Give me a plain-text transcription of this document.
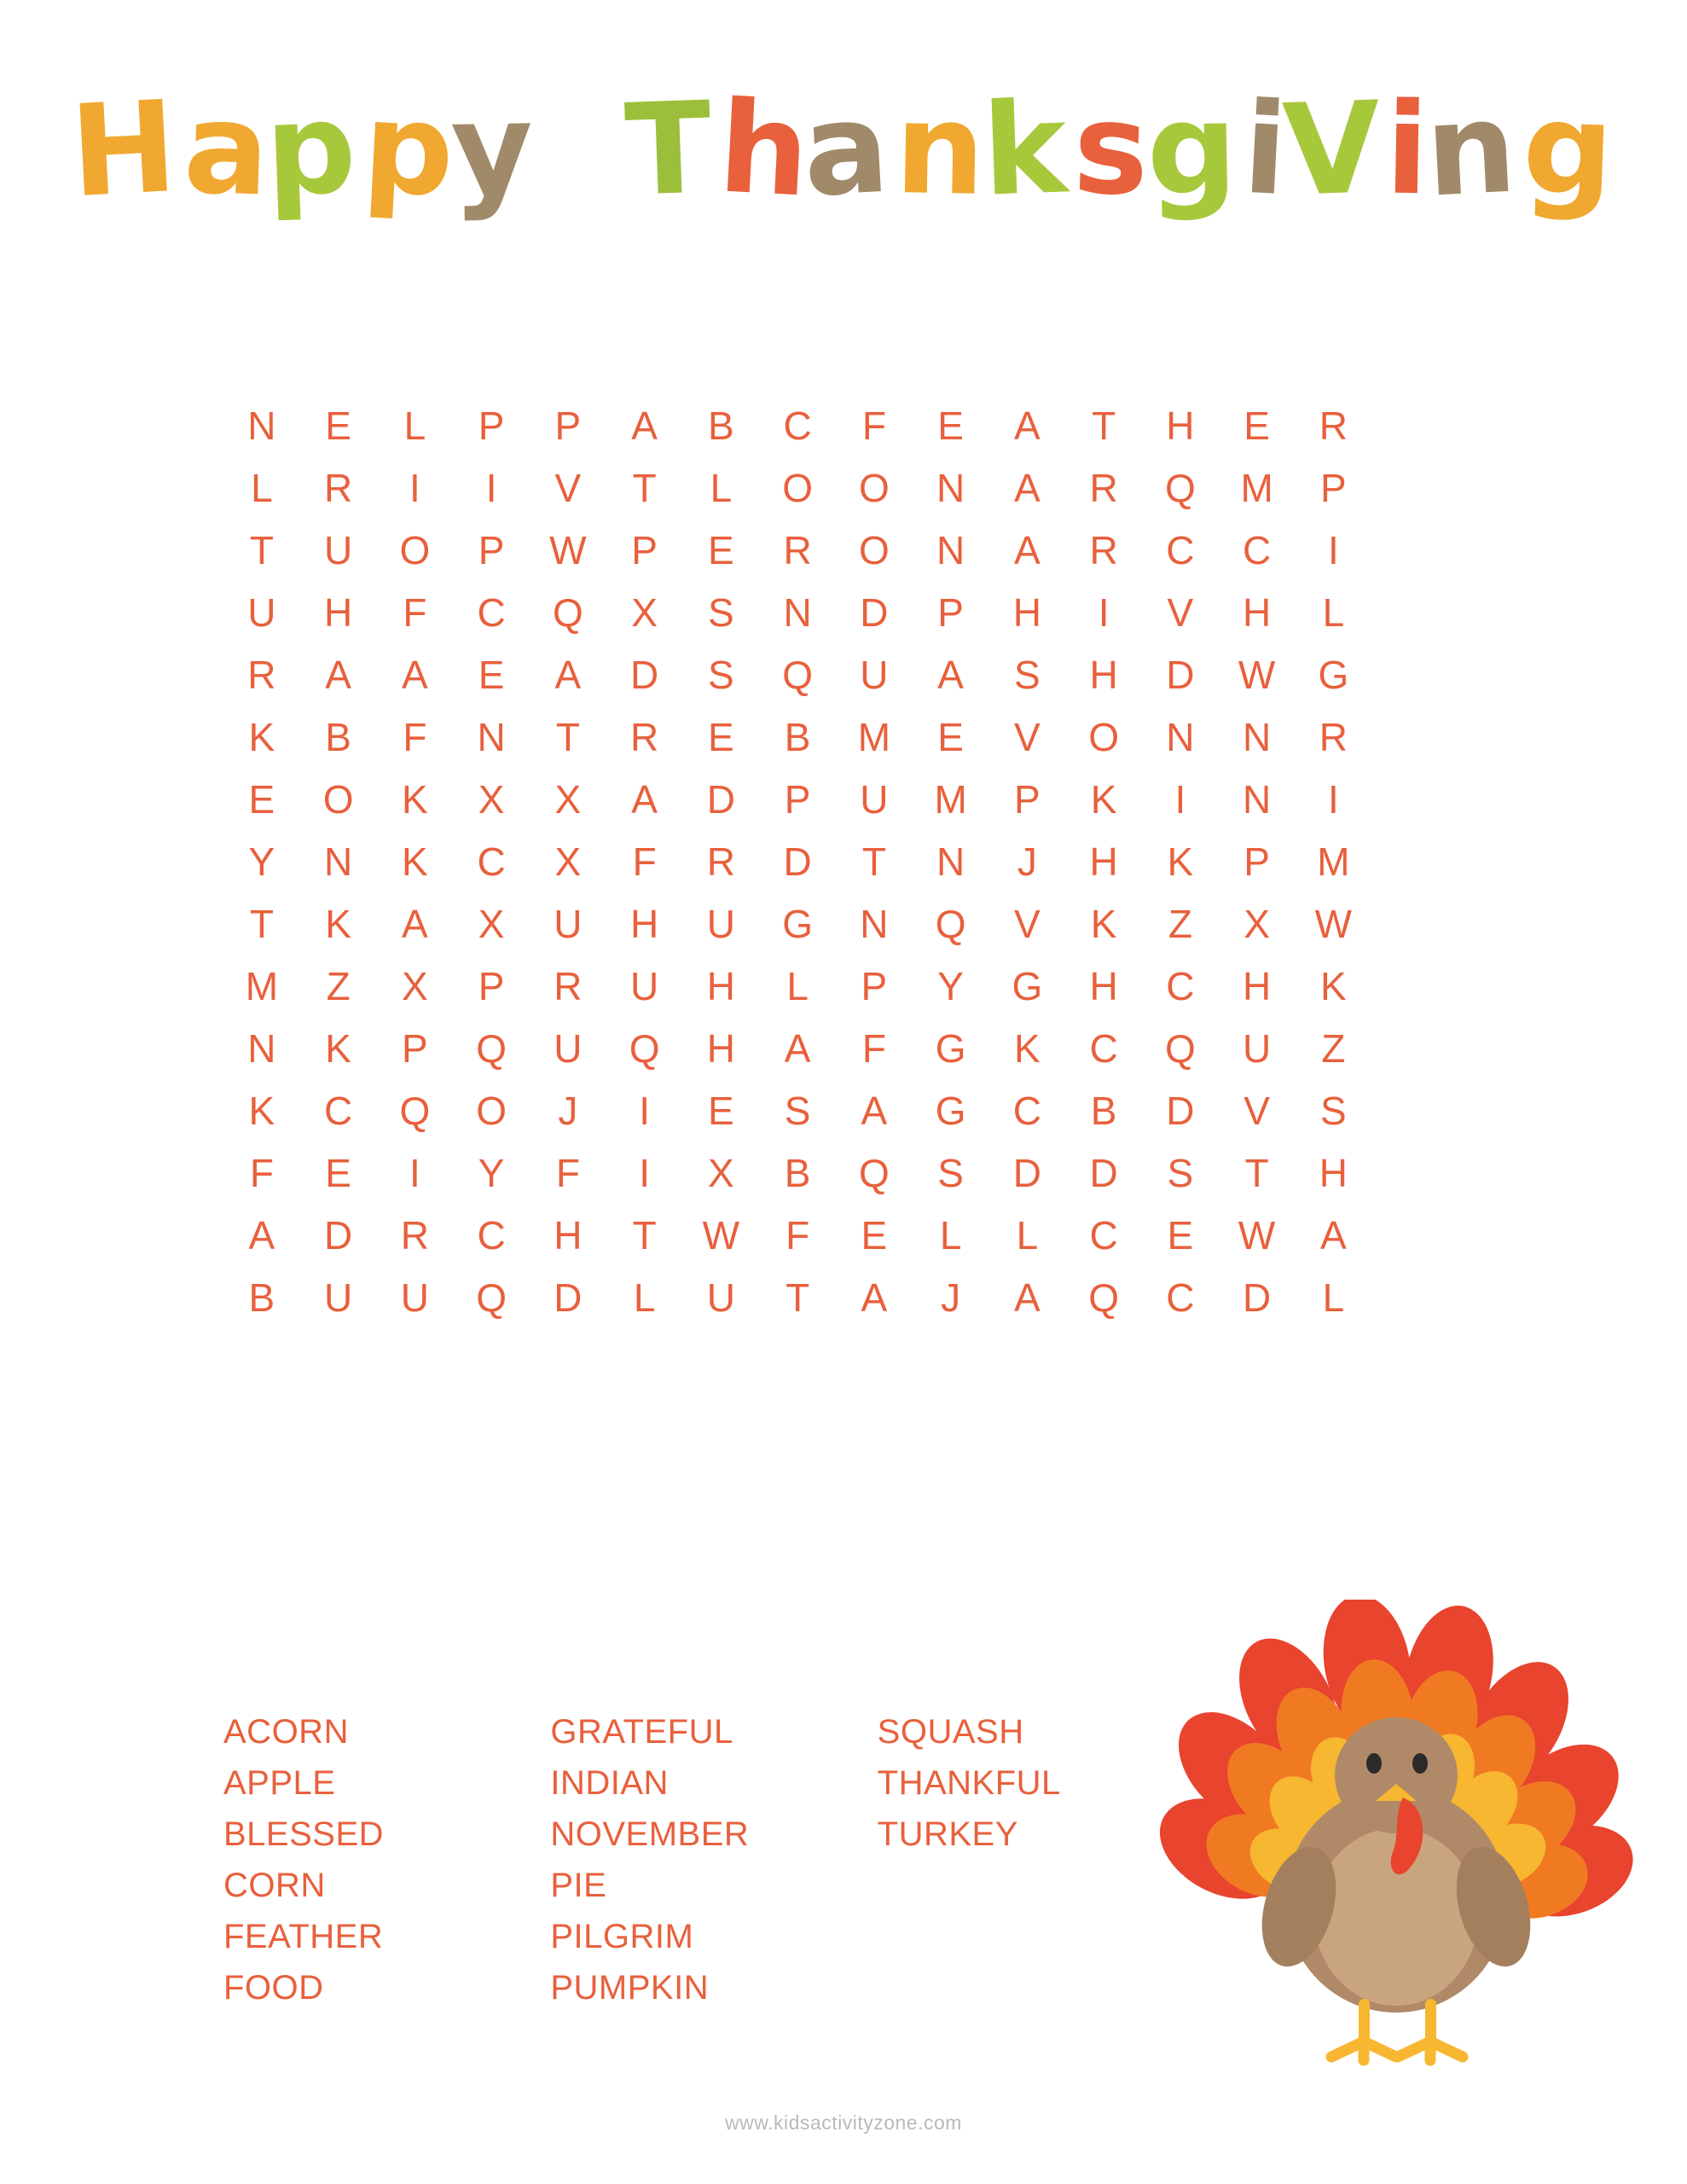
Happy ThanksgiVing
N	E	L	P	P	A	B	C	F	E	A	T	H	E	R
L	R	I	I	V	T	L	O	O	N	A	R	Q	M	P
T	U	O	P	W	P	E	R	O	N	A	R	C	C	I
U	H	F	C	Q	X	S	N	D	P	H	I	V	H	L
R	A	A	E	A	D	S	Q	U	A	S	H	D	W	G
K	B	F	N	T	R	E	B	M	E	V	O	N	N	R
E	O	K	X	X	A	D	P	U	M	P	K	I	N	I
Y	N	K	C	X	F	R	D	T	N	J	H	K	P	M
T	K	A	X	U	H	U	G	N	Q	V	K	Z	X	W
M	Z	X	P	R	U	H	L	P	Y	G	H	C	H	K
N	K	P	Q	U	Q	H	A	F	G	K	C	Q	U	Z
K	C	Q	O	J	I	E	S	A	G	C	B	D	V	S
F	E	I	Y	F	I	X	B	Q	S	D	D	S	T	H
A	D	R	C	H	T	W	F	E	L	L	C	E	W	A
B	U	U	Q	D	L	U	T	A	J	A	Q	C	D	L
ACORN
APPLE
BLESSED
CORN
FEATHER
FOOD
GRATEFUL
INDIAN
NOVEMBER
PIE
PILGRIM
PUMPKIN
SQUASH
THANKFUL
TURKEY
www.kidsactivityzone.com
